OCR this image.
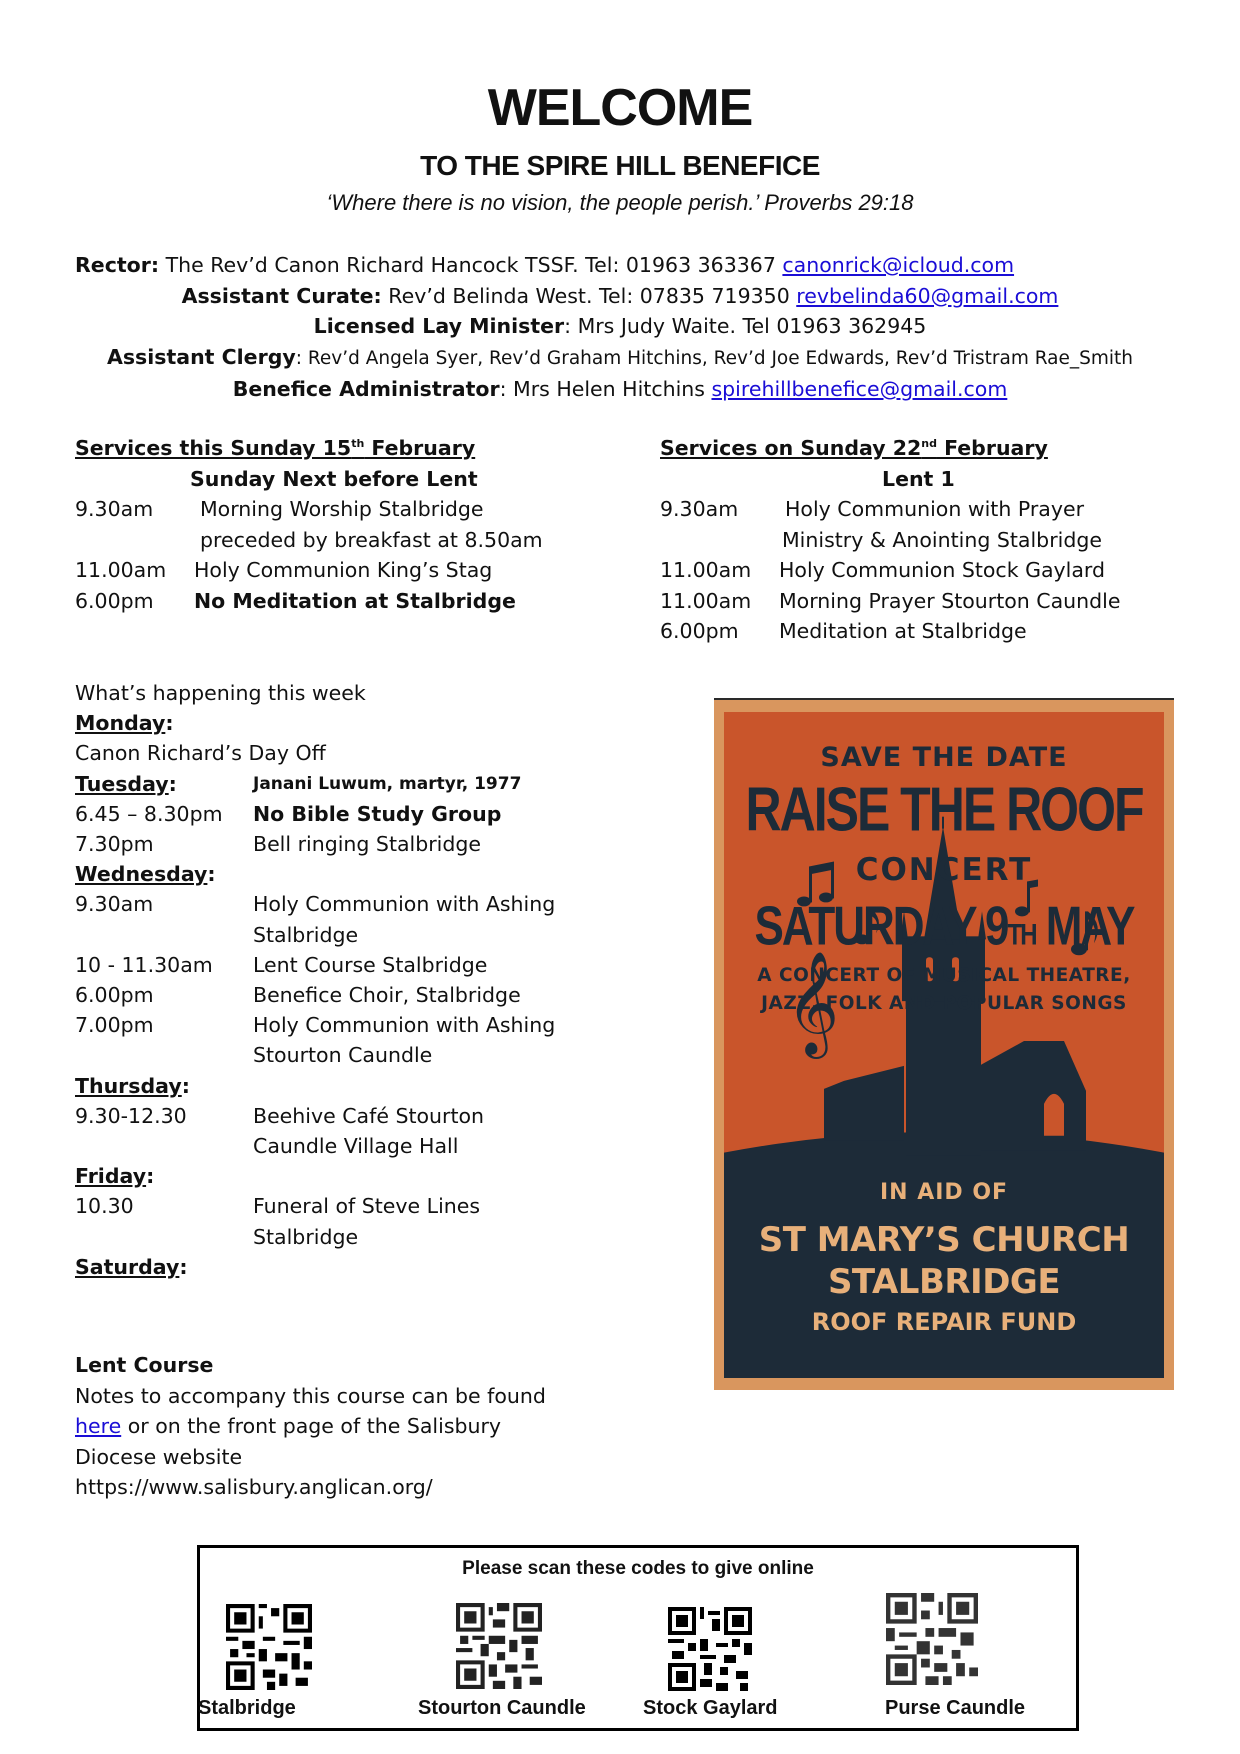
WELCOME
TO THE SPIRE HILL BENEFICE
‘Where there is no vision, the people perish.’ Proverbs 29:18
Rector: The Rev’d Canon Richard Hancock TSSF. Tel: 01963 363367 canonrick@icloud.com
Assistant Curate: Rev’d Belinda West. Tel: 07835 719350 revbelinda60@gmail.com
Licensed Lay Minister: Mrs Judy Waite. Tel 01963 362945
Assistant Clergy: Rev’d Angela Syer, Rev’d Graham Hitchins, Rev’d Joe Edwards, Rev’d Tristram Rae_Smith
Benefice Administrator: Mrs Helen Hitchins spirehillbenefice@gmail.com
Services this Sunday 15th February
Sunday Next before Lent
9.30am	Morning Worship Stalbridge
preceded by breakfast at 8.50am
11.00am	Holy Communion King’s Stag
6.00pm	No Meditation at Stalbridge
Services on Sunday 22nd February
Lent 1
9.30am	Holy Communion with Prayer
Ministry & Anointing Stalbridge
11.00am	Holy Communion Stock Gaylard
11.00am	Morning Prayer Stourton Caundle
6.00pm	Meditation at Stalbridge
What’s happening this week
Monday:
Canon Richard’s Day Off
Tuesday:	Janani Luwum, martyr, 1977
6.45 – 8.30pm	No Bible Study Group
7.30pm	Bell ringing Stalbridge
Wednesday:
9.30am	Holy Communion with Ashing
Stalbridge
10 - 11.30am	Lent Course Stalbridge
6.00pm	Benefice Choir, Stalbridge
7.00pm	Holy Communion with Ashing
Stourton Caundle
Thursday:
9.30-12.30	Beehive Café Stourton
Caundle Village Hall
Friday:
10.30	Funeral of Steve Lines
Stalbridge
Saturday:
Lent Course
Notes to accompany this course can be found
here or on the front page of the Salisbury
Diocese website
https://www.salisbury.anglican.org/
𝄞
SAVE THE DATE
RAISE THE ROOF
CONCERT
SATURDAY 9TH MAY
A CONCERT OF MUSICAL THEATRE,
JAZZ, FOLK AND POPULAR SONGS
IN AID OF
ST MARY’S CHURCH
STALBRIDGE
ROOF REPAIR FUND
Please scan these codes to give online
Stalbridge	Stourton Caundle	Stock Gaylard	Purse Caundle
